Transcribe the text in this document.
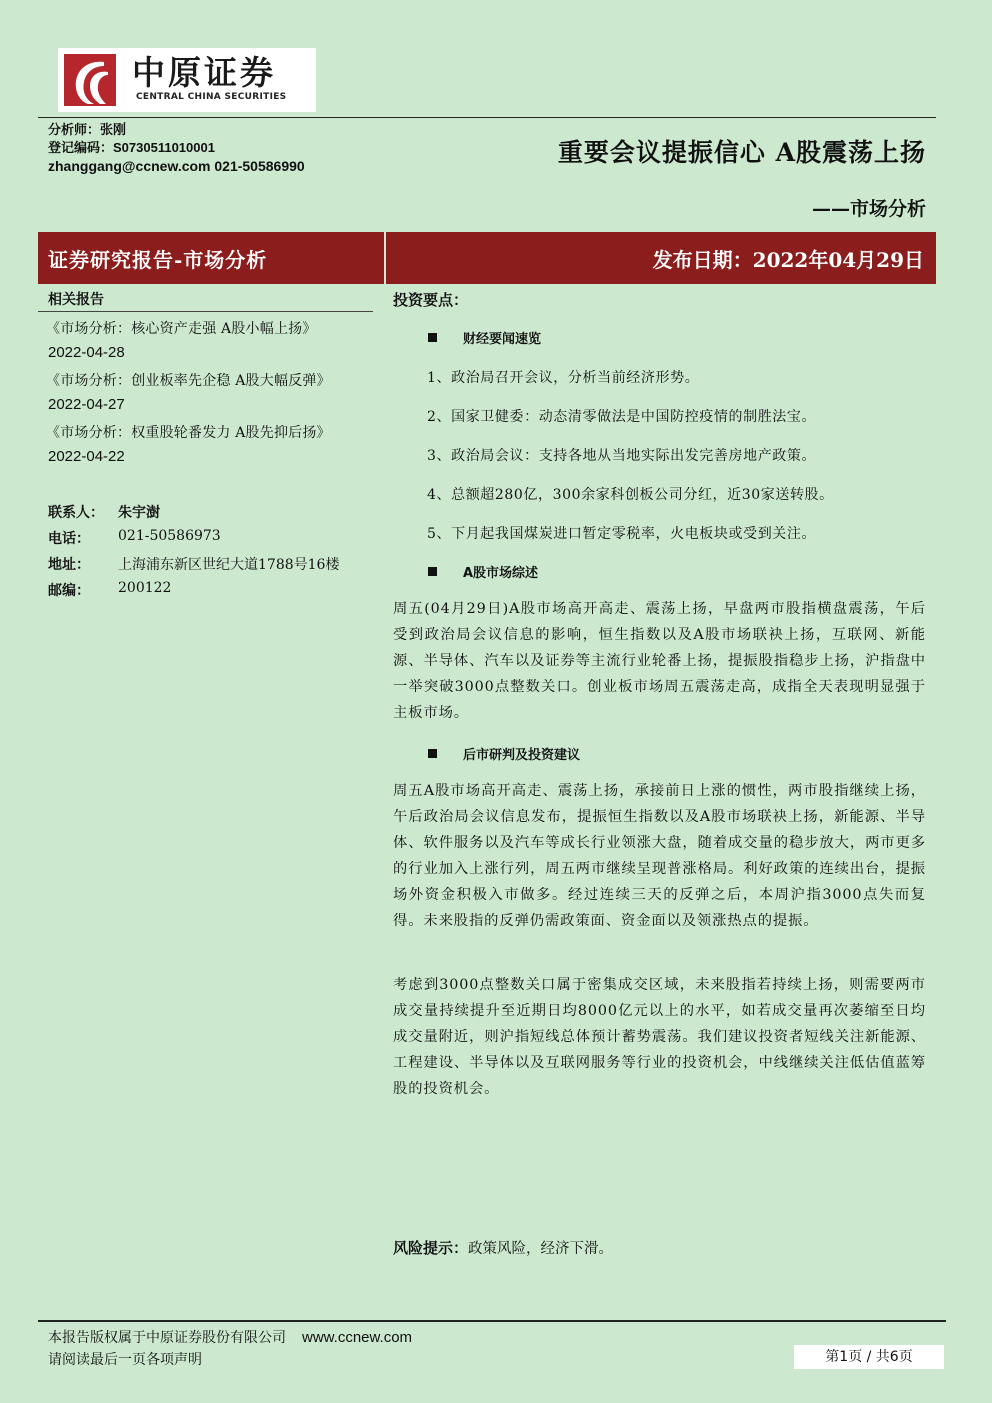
中原证券
CENTRAL CHINA SECURITIES
分析师：张刚
登记编码：S0730511010001
zhanggang@ccnew.com 021-50586990	重要会议提振信心 A股震荡上扬
——市场分析
证券研究报告-市场分析	发布日期：2022年04月29日
相关报告
《市场分析：核心资产走强 A股小幅上扬》
2022-04-28
《市场分析：创业板率先企稳 A股大幅反弹》
2022-04-27
《市场分析：权重股轮番发力 A股先抑后扬》
2022-04-22
联系人： 朱宇澍
电话： 021-50586973
地址： 上海浦东新区世纪大道1788号16楼
邮编： 200122
投资要点：
财经要闻速览
1、政治局召开会议，分析当前经济形势。
2、国家卫健委：动态清零做法是中国防控疫情的制胜法宝。
3、政治局会议：支持各地从当地实际出发完善房地产政策。
4、总额超280亿，300余家科创板公司分红，近30家送转股。
5、下月起我国煤炭进口暂定零税率，火电板块或受到关注。
A股市场综述
周五(04月29日)A股市场高开高走、震荡上扬，早盘两市股指横盘震荡，午后受到政治局会议信息的影响，恒生指数以及A股市场联袂上扬，互联网、新能源、半导体、汽车以及证券等主流行业轮番上扬，提振股指稳步上扬，沪指盘中一举突破3000点整数关口。创业板市场周五震荡走高，成指全天表现明显强于主板市场。
后市研判及投资建议
周五A股市场高开高走、震荡上扬，承接前日上涨的惯性，两市股指继续上扬，午后政治局会议信息发布，提振恒生指数以及A股市场联袂上扬，新能源、半导体、软件服务以及汽车等成长行业领涨大盘，随着成交量的稳步放大，两市更多的行业加入上涨行列，周五两市继续呈现普涨格局。利好政策的连续出台，提振场外资金积极入市做多。经过连续三天的反弹之后，本周沪指3000点失而复得。未来股指的反弹仍需政策面、资金面以及领涨热点的提振。
考虑到3000点整数关口属于密集成交区域，未来股指若持续上扬，则需要两市成交量持续提升至近期日均8000亿元以上的水平，如若成交量再次萎缩至日均成交量附近，则沪指短线总体预计蓄势震荡。我们建议投资者短线关注新能源、工程建设、半导体以及互联网服务等行业的投资机会，中线继续关注低估值蓝筹股的投资机会。
风险提示：政策风险，经济下滑。
本报告版权属于中原证券股份有限公司 www.ccnew.com
请阅读最后一页各项声明	第1页 / 共6页
